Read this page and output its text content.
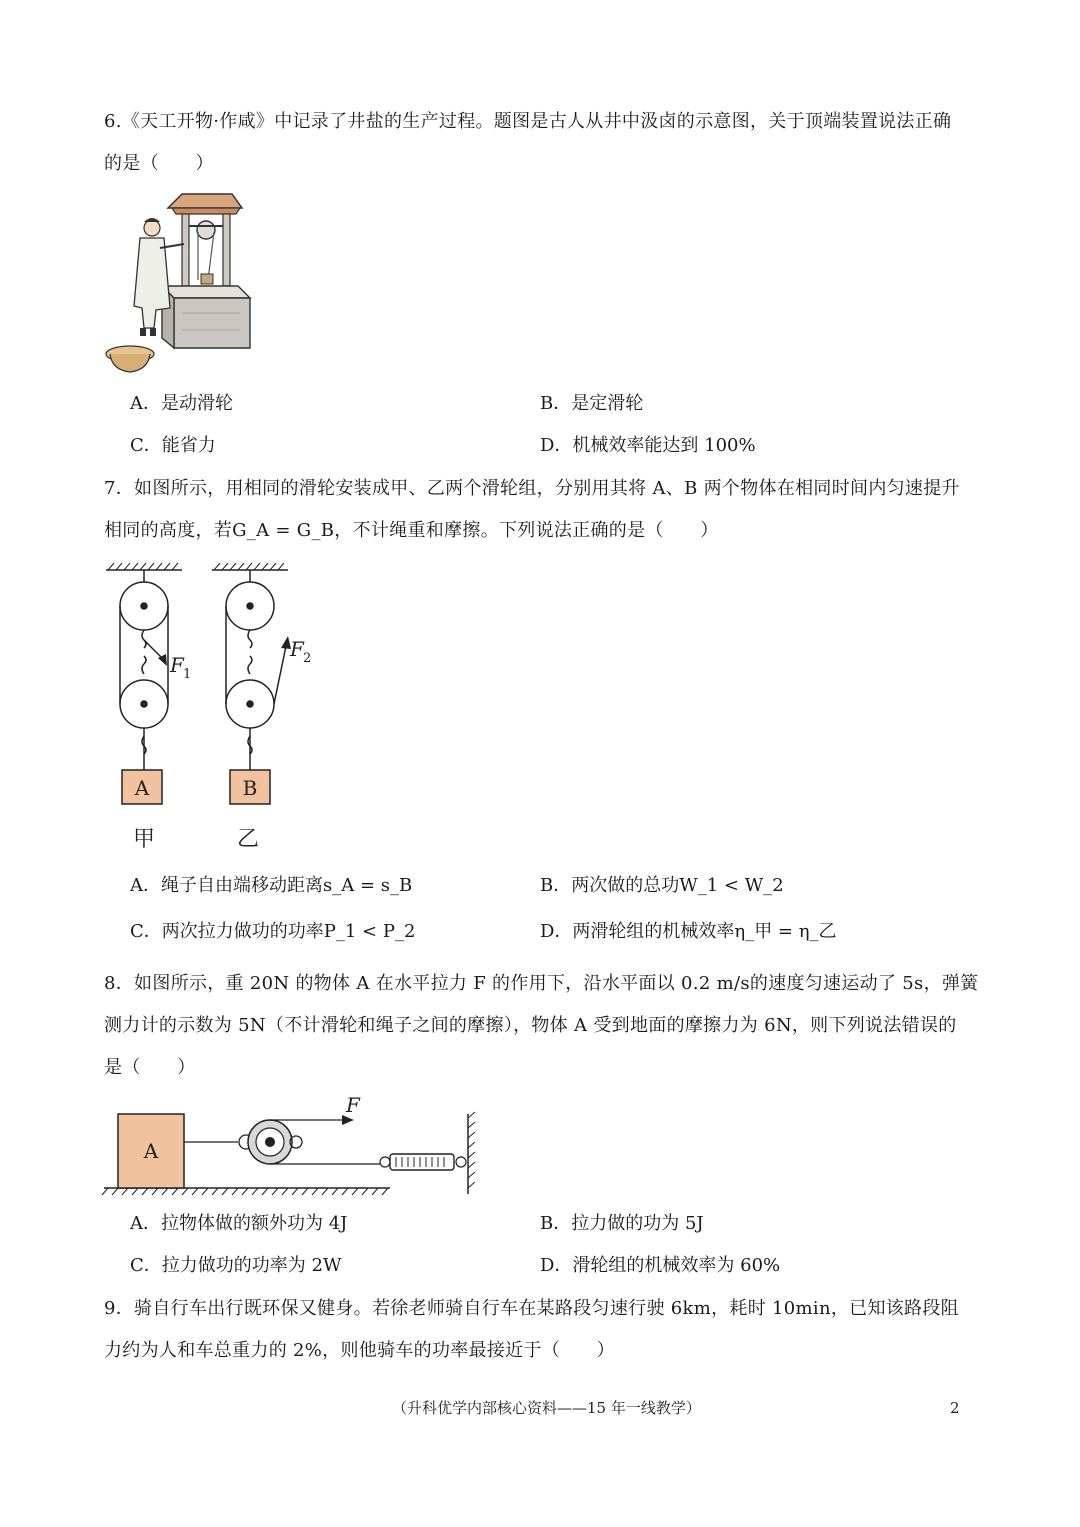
6.《天工开物·作咸》中记录了井盐的生产过程。题图是古人从井中汲卤的示意图，关于顶端装置说法正确
的是（　　）
A．是动滑轮	B．是定滑轮
C．能省力	D．机械效率能达到 100%
7．如图所示，用相同的滑轮安装成甲、乙两个滑轮组，分别用其将 A、B 两个物体在相同时间内匀速提升
相同的高度，若G_A = G_B，不计绳重和摩擦。下列说法正确的是（　　）
F 1
A
甲
F 2
B
乙
A．绳子自由端移动距离s_A = s_B	B．两次做的总功W_1 < W_2
C．两次拉力做功的功率P_1 < P_2	D．两滑轮组的机械效率η_甲 = η_乙
8．如图所示，重 20N 的物体 A 在水平拉力 F 的作用下，沿水平面以 0.2 m/s的速度匀速运动了 5s，弹簧
测力计的示数为 5N（不计滑轮和绳子之间的摩擦），物体 A 受到地面的摩擦力为 6N，则下列说法错误的
是（　　）
A
F
A．拉物体做的额外功为 4J	B．拉力做的功为 5J
C．拉力做功的功率为 2W	D．滑轮组的机械效率为 60%
9．骑自行车出行既环保又健身。若徐老师骑自行车在某路段匀速行驶 6km，耗时 10min，已知该路段阻
力约为人和车总重力的 2%，则他骑车的功率最接近于（　　）
（升科优学内部核心资料——15 年一线教学）	2
